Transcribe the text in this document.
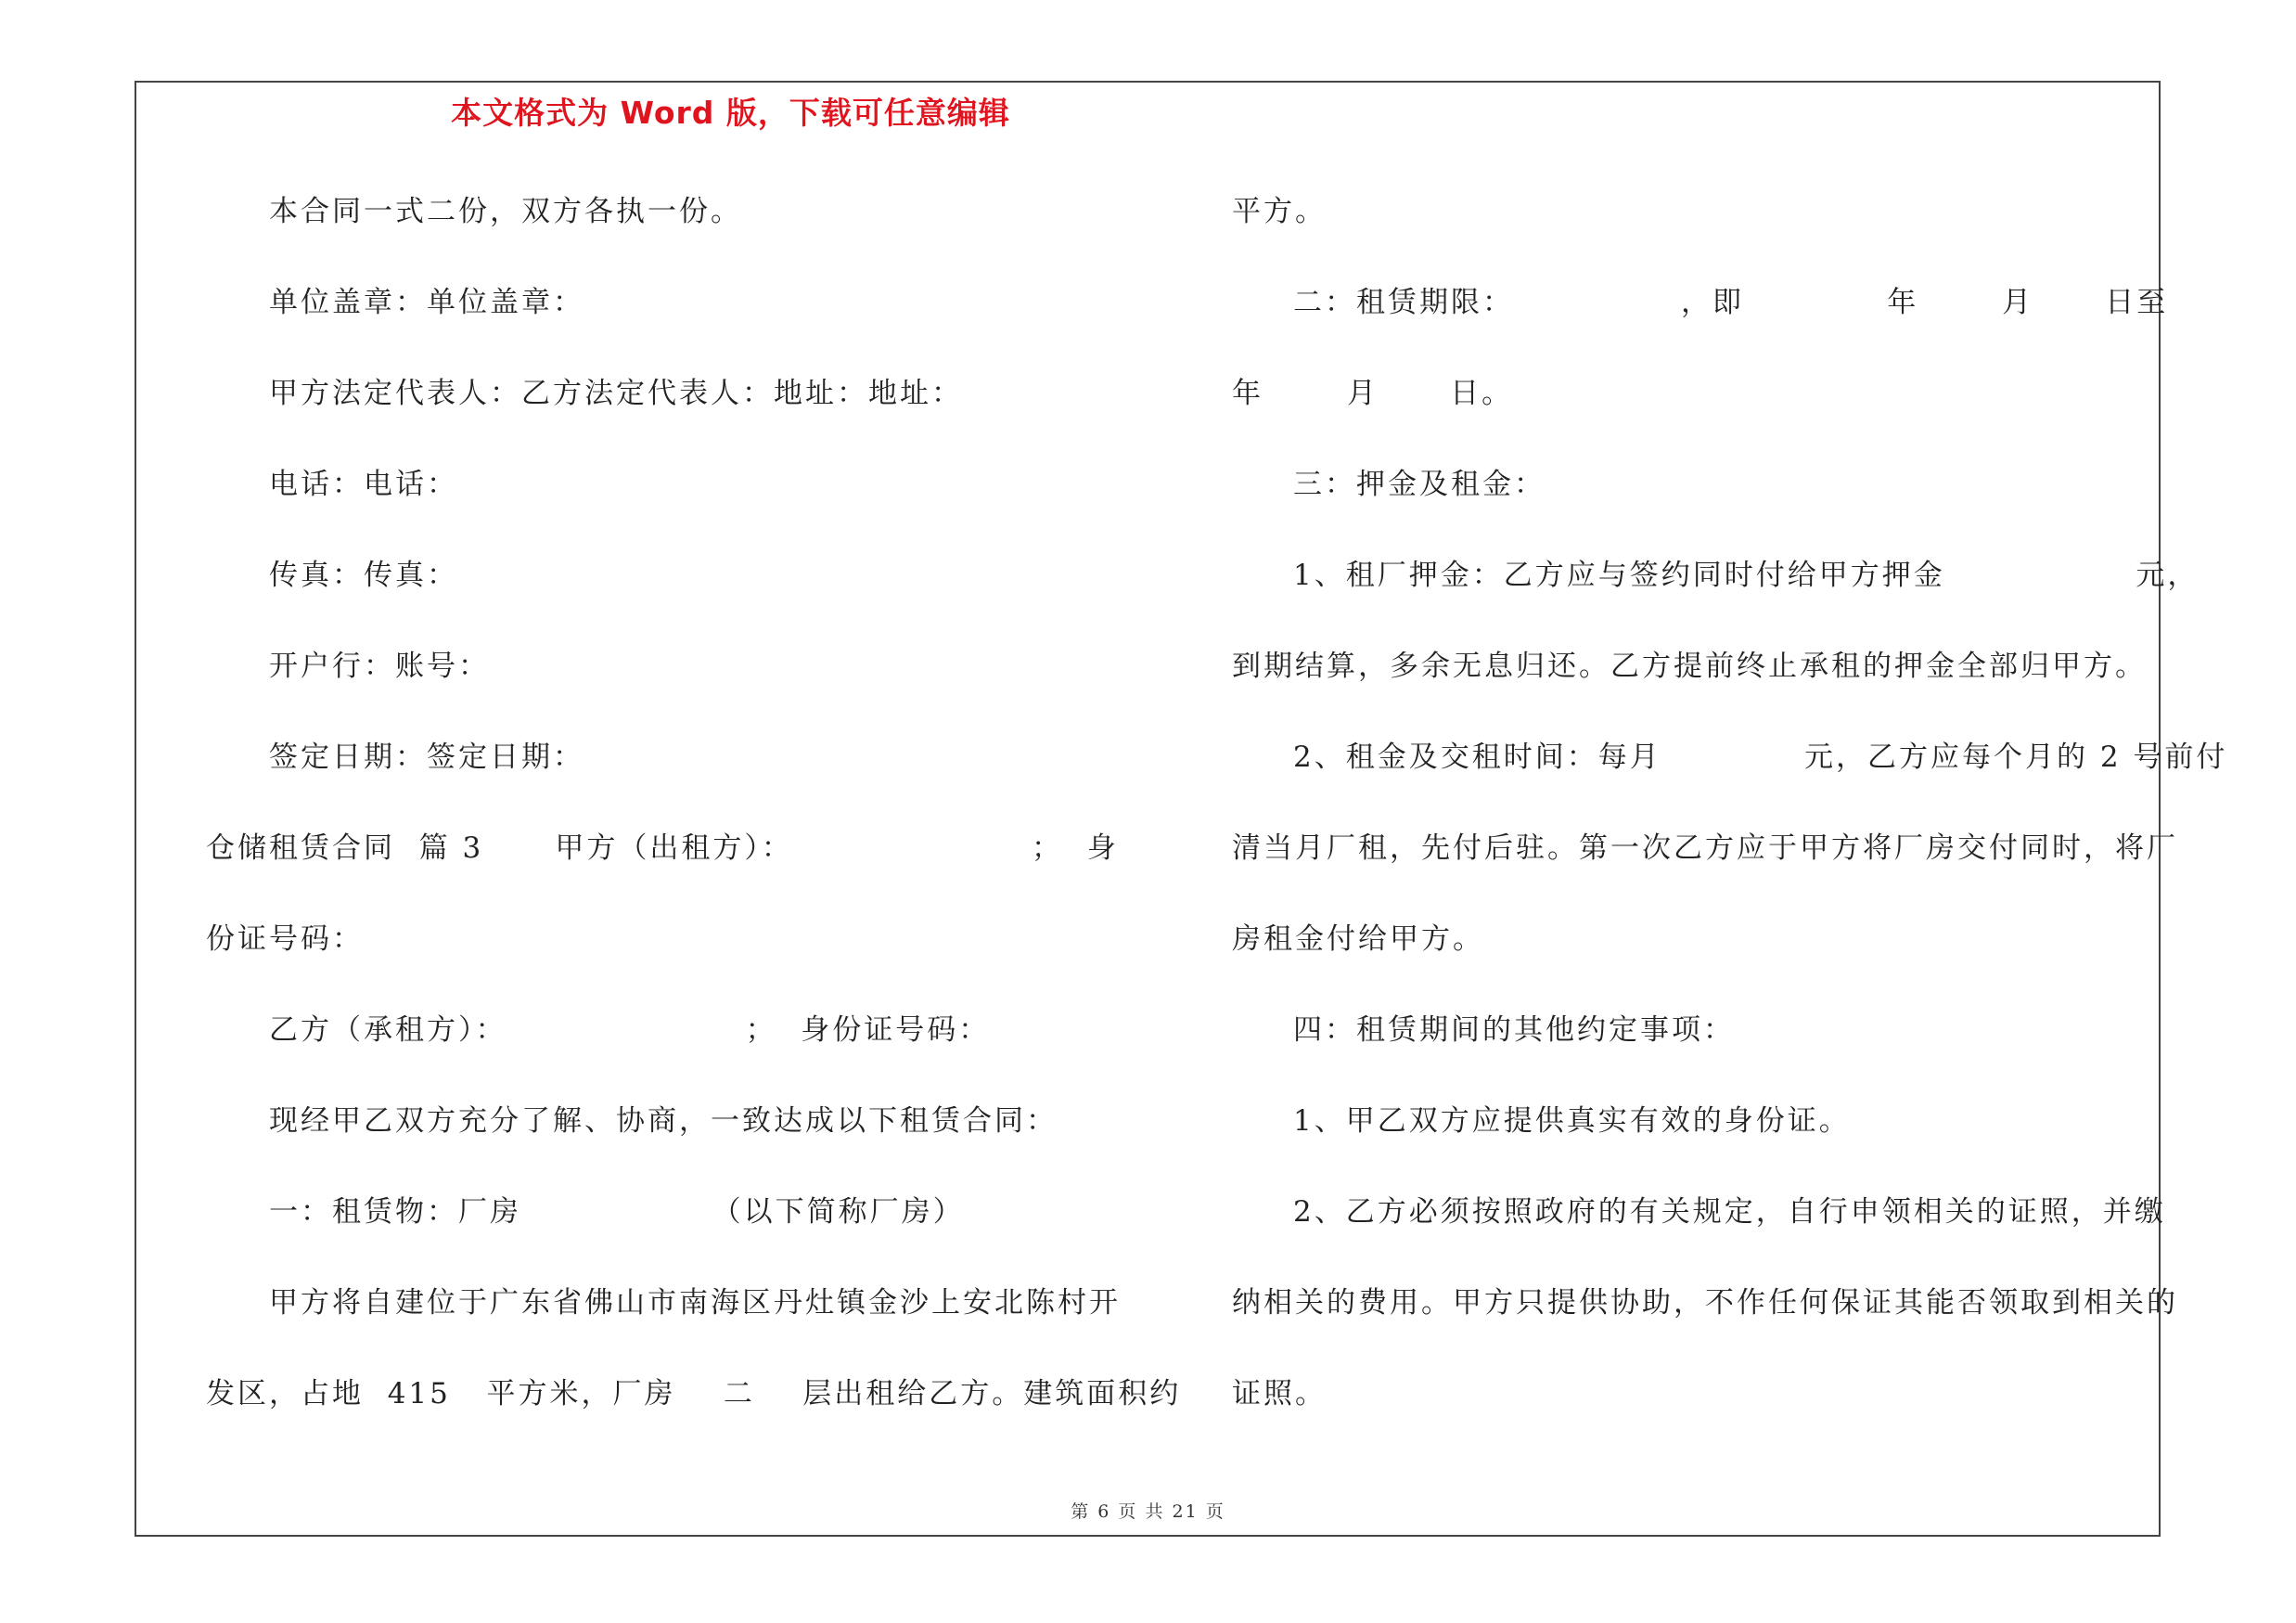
本文格式为 Word 版，下载可任意编辑
本合同一式二份，双方各执一份。
单位盖章：单位盖章：
甲方法定代表人：乙方法定代表人：地址：地址：
电话：电话：
传真：传真：
开户行：账号：
签定日期：签定日期：
仓储租赁合同  篇 3      甲方（出租方）：                    ；  身
份证号码：
乙方（承租方）：                    ；  身份证号码：
现经甲乙双方充分了解、协商，一致达成以下租赁合同：
一：租赁物：厂房                （以下简称厂房）
甲方将自建位于广东省佛山市南海区丹灶镇金沙上安北陈村开
发区，占地  415   平方米，厂房    二    层出租给乙方。建筑面积约
平方。
二：租赁期限：              ，即            年       月      日至
年       月      日。
三：押金及租金：
1、租厂押金：乙方应与签约同时付给甲方押金                元，
到期结算，多余无息归还。乙方提前终止承租的押金全部归甲方。
2、租金及交租时间：每月            元，乙方应每个月的 2 号前付
清当月厂租，先付后驻。第一次乙方应于甲方将厂房交付同时，将厂
房租金付给甲方。
四：租赁期间的其他约定事项：
1、甲乙双方应提供真实有效的身份证。
2、乙方必须按照政府的有关规定，自行申领相关的证照，并缴
纳相关的费用。甲方只提供协助，不作任何保证其能否领取到相关的
证照。
第 6 页 共 21 页
